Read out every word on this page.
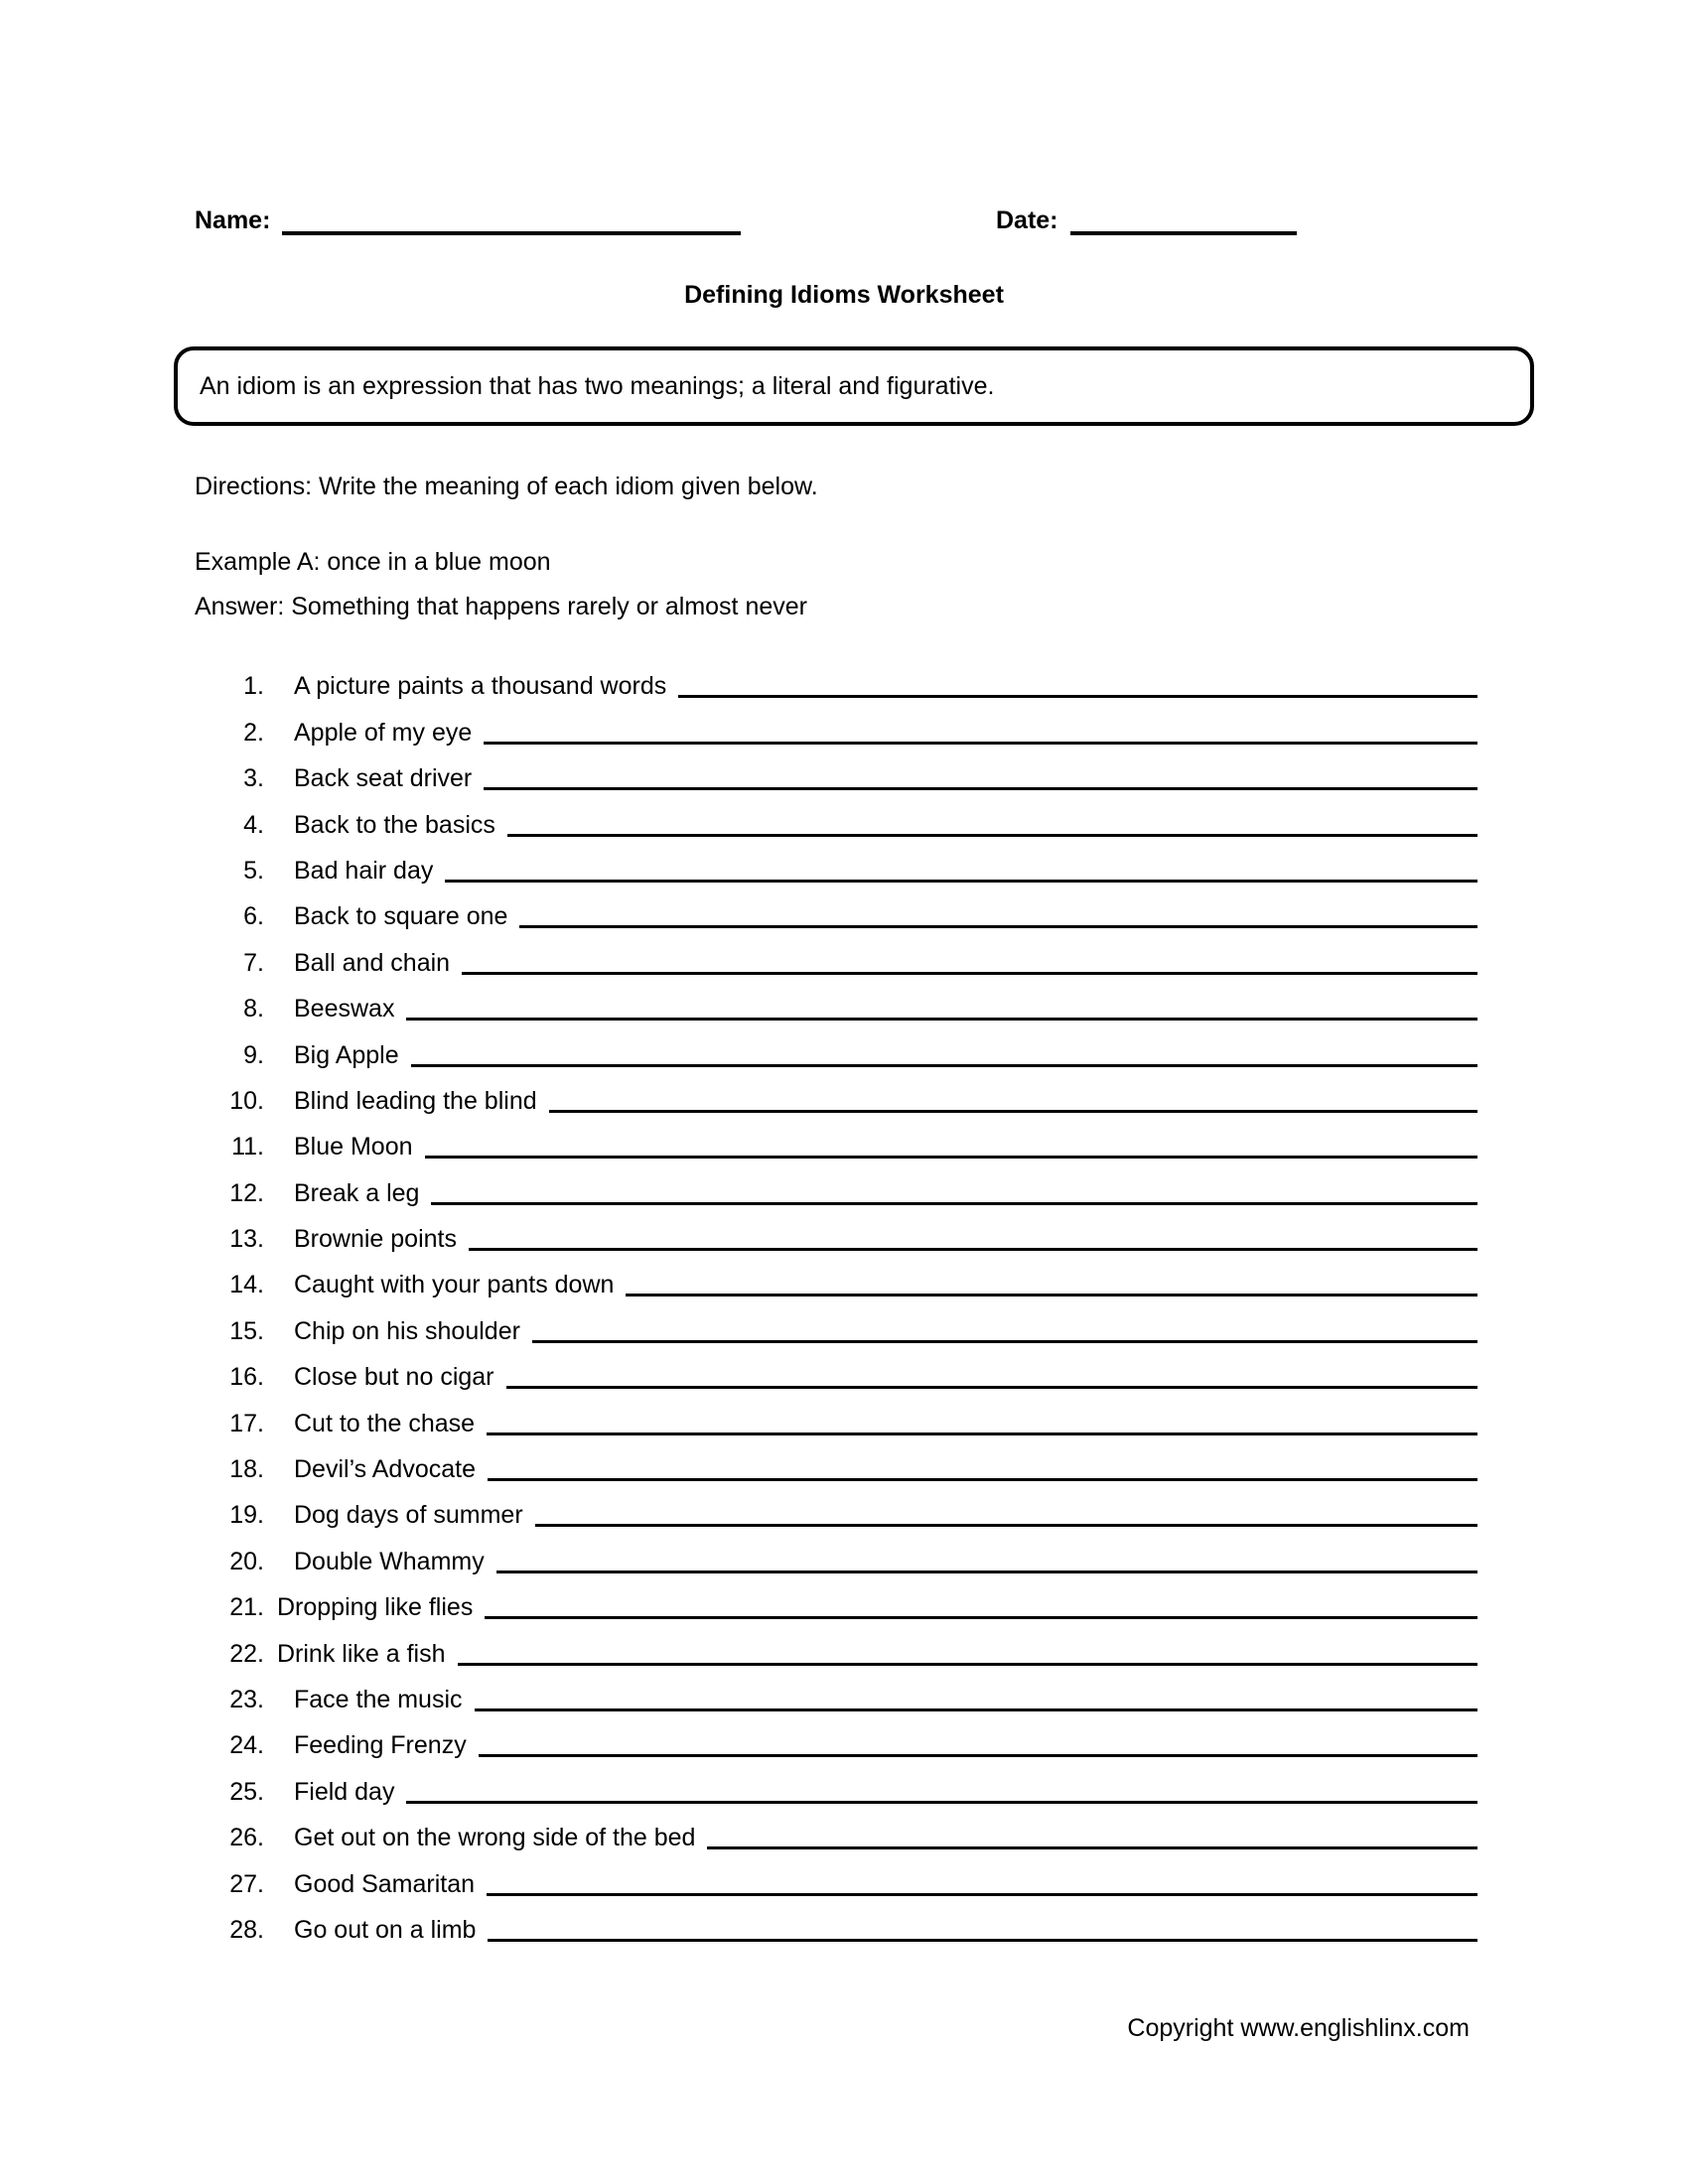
Name:	Date:
Defining Idioms Worksheet
An idiom is an expression that has two meanings; a literal and figurative.
Directions: Write the meaning of each idiom given below.
Example A: once in a blue moon
Answer: Something that happens rarely or almost never
1. A picture paints a thousand words
2. Apple of my eye
3. Back seat driver
4. Back to the basics
5. Bad hair day
6. Back to square one
7. Ball and chain
8. Beeswax
9. Big Apple
10. Blind leading the blind
11. Blue Moon
12. Break a leg
13. Brownie points
14. Caught with your pants down
15. Chip on his shoulder
16. Close but no cigar
17. Cut to the chase
18. Devil’s Advocate
19. Dog days of summer
20. Double Whammy
21. Dropping like flies
22. Drink like a fish
23. Face the music
24. Feeding Frenzy
25. Field day
26. Get out on the wrong side of the bed
27. Good Samaritan
28. Go out on a limb
Copyright www.englishlinx.com
